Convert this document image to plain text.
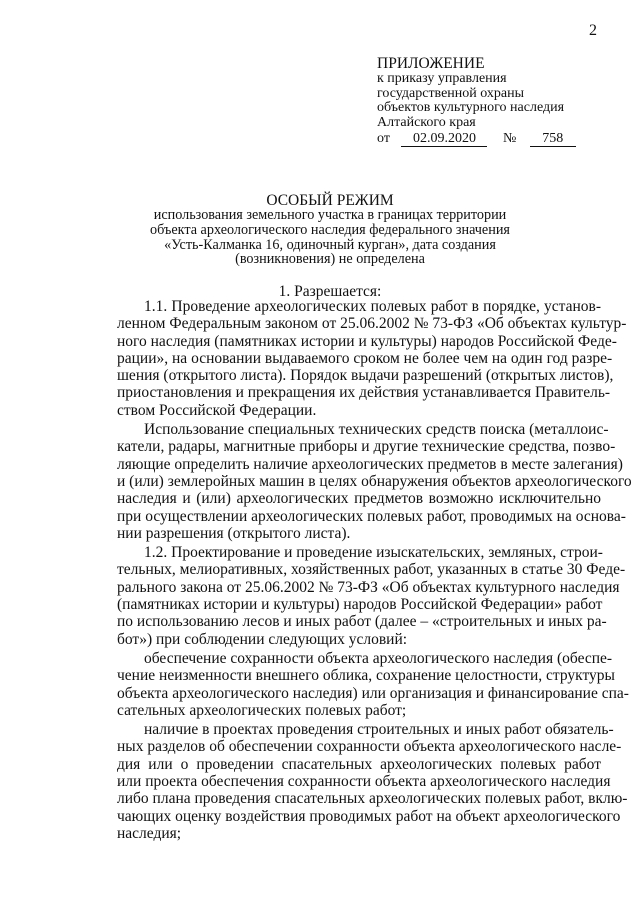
2
ПРИЛОЖЕНИЕ
к приказу управления
государственной охраны
объектов культурного наследия
Алтайского края
от 02.09.2020 № 758
ОСОБЫЙ РЕЖИМ
использования земельного участка в границах территории
объекта археологического наследия федерального значения
«Усть-Калманка 16, одиночный курган», дата создания
(возникновения) не определена
1. Разрешается:

1.1. Проведение археологических полевых работ в порядке, установ-
ленном Федеральным законом от 25.06.2002 № 73-ФЗ «Об объектах культур-
ного наследия (памятниках истории и культуры) народов Российской Феде-
рации», на основании выдаваемого сроком не более чем на один год разре-
шения (открытого листа). Порядок выдачи разрешений (открытых листов),
приостановления и прекращения их действия устанавливается Правитель-
ством Российской Федерации.

Использование специальных технических средств поиска (металлоис-
катели, радары, магнитные приборы и другие технические средства, позво-
ляющие определить наличие археологических предметов в месте залегания)
и (или) землеройных машин в целях обнаружения объектов археологического
наследия и (или) археологических предметов возможно исключительно
при осуществлении археологических полевых работ, проводимых на основа-
нии разрешения (открытого листа).

1.2. Проектирование и проведение изыскательских, земляных, строи-
тельных, мелиоративных, хозяйственных работ, указанных в статье 30 Феде-
рального закона от 25.06.2002 № 73-ФЗ «Об объектах культурного наследия
(памятниках истории и культуры) народов Российской Федерации» работ
по использованию лесов и иных работ (далее – «строительных и иных ра-
бот») при соблюдении следующих условий:

обеспечение сохранности объекта археологического наследия (обеспе-
чение неизменности внешнего облика, сохранение целостности, структуры
объекта археологического наследия) или организация и финансирование спа-
сательных археологических полевых работ;

наличие в проектах проведения строительных и иных работ обязатель-
ных разделов об обеспечении сохранности объекта археологического насле-
дия или о проведении спасательных археологических полевых работ
или проекта обеспечения сохранности объекта археологического наследия
либо плана проведения спасательных археологических полевых работ, вклю-
чающих оценку воздействия проводимых работ на объект археологического
наследия;
